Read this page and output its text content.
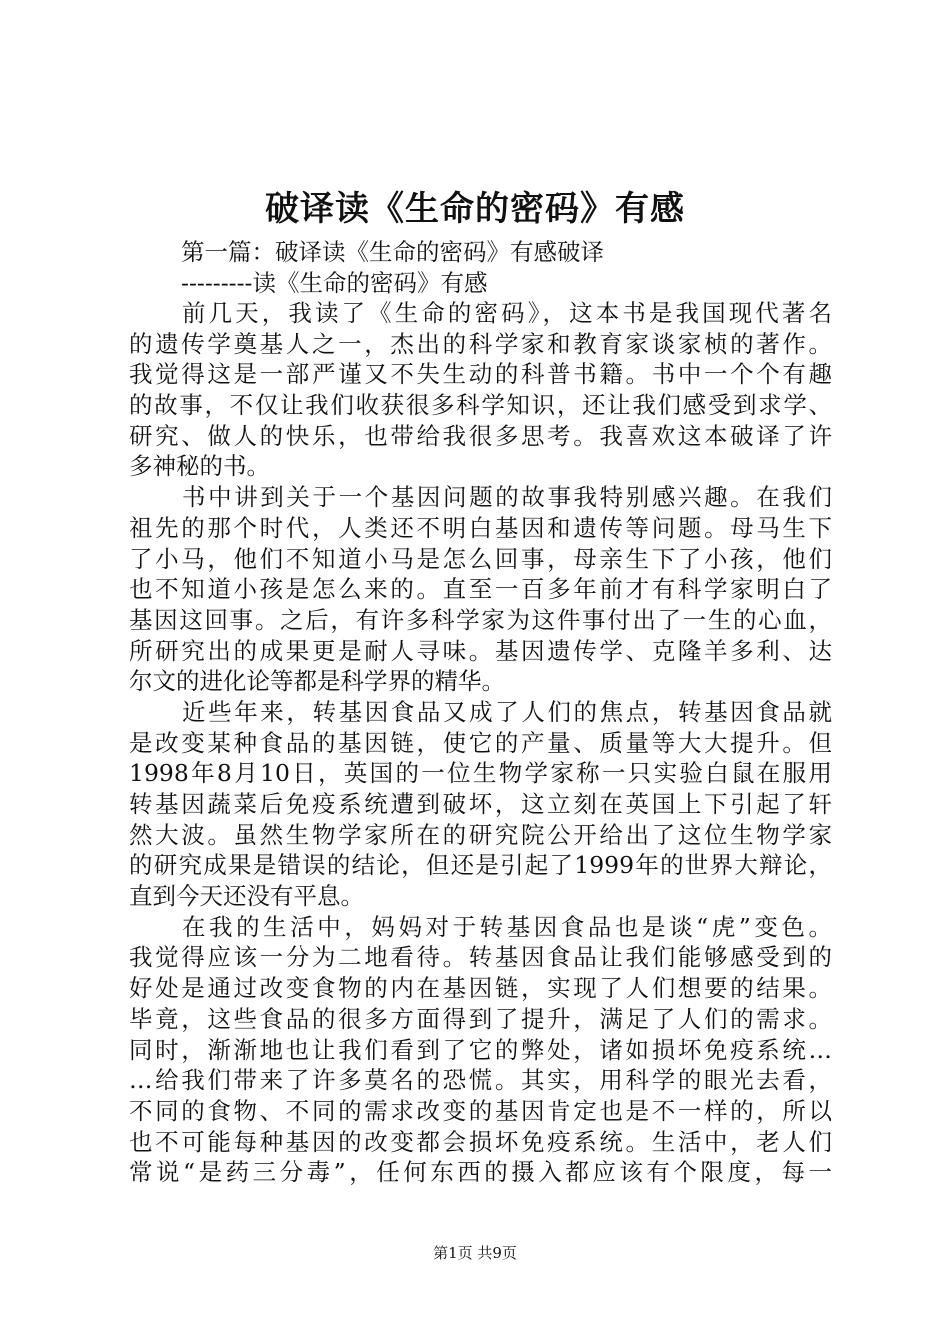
破译读《生命的密码》有感
第一篇：破译读《生命的密码》有感破译
---------读《生命的密码》有感
前几天，我读了《生命的密码》，这本书是我国现代著名
的遗传学奠基人之一，杰出的科学家和教育家谈家桢的著作。
我觉得这是一部严谨又不失生动的科普书籍。书中一个个有趣
的故事，不仅让我们收获很多科学知识，还让我们感受到求学、
研究、做人的快乐，也带给我很多思考。我喜欢这本破译了许
多神秘的书。
书中讲到关于一个基因问题的故事我特别感兴趣。在我们
祖先的那个时代，人类还不明白基因和遗传等问题。母马生下
了小马，他们不知道小马是怎么回事，母亲生下了小孩，他们
也不知道小孩是怎么来的。直至一百多年前才有科学家明白了
基因这回事。之后，有许多科学家为这件事付出了一生的心血，
所研究出的成果更是耐人寻味。基因遗传学、克隆羊多利、达
尔文的进化论等都是科学界的精华。
近些年来，转基因食品又成了人们的焦点，转基因食品就
是改变某种食品的基因链，使它的产量、质量等大大提升。但
1998年8月10日，英国的一位生物学家称一只实验白鼠在服用
转基因蔬菜后免疫系统遭到破坏，这立刻在英国上下引起了轩
然大波。虽然生物学家所在的研究院公开给出了这位生物学家
的研究成果是错误的结论，但还是引起了1999年的世界大辩论，
直到今天还没有平息。
在我的生活中，妈妈对于转基因食品也是谈“虎”变色。
我觉得应该一分为二地看待。转基因食品让我们能够感受到的
好处是通过改变食物的内在基因链，实现了人们想要的结果。
毕竟，这些食品的很多方面得到了提升，满足了人们的需求。
同时，渐渐地也让我们看到了它的弊处，诸如损坏免疫系统…
…给我们带来了许多莫名的恐慌。其实，用科学的眼光去看，
不同的食物、不同的需求改变的基因肯定也是不一样的，所以
也不可能每种基因的改变都会损坏免疫系统。生活中，老人们
常说“是药三分毒”，任何东西的摄入都应该有个限度，每一
第1页 共9页
